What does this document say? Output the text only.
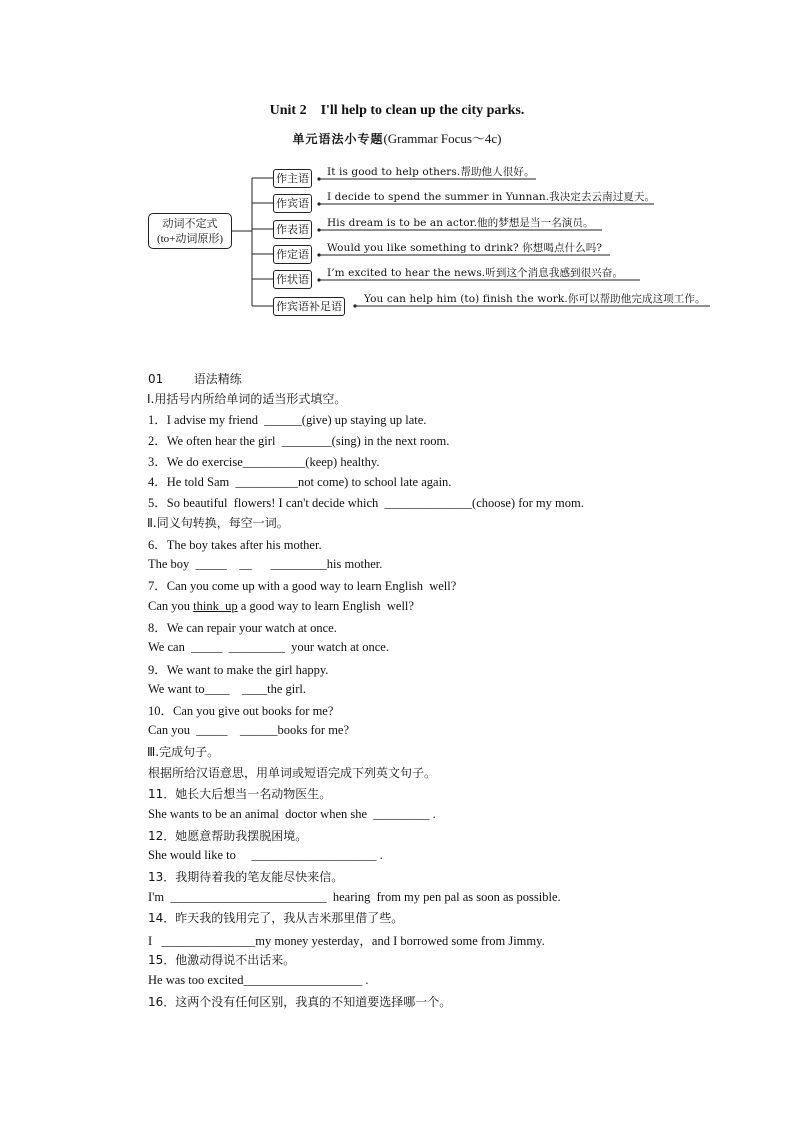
Unit 2　I'll help to clean up the city parks.
单元语法小专题(Grammar Focus～4c)
动词不定式
(to+动词原形)
作主语
作宾语
作表语
作定语
作状语
作宾语补足语
It is good to help others.帮助他人很好。
I decide to spend the summer in Yunnan.我决定去云南过夏天。
His dream is to be an actor.他的梦想是当一名演员。
Would you like something to drink? 你想喝点什么吗?
I’m excited to hear the news.听到这个消息我感到很兴奋。
You can help him (to) finish the work.你可以帮助他完成这项工作。
01	语法精练
Ⅰ.用括号内所给单词的适当形式填空。
1．I advise my friend  ______(give) up staying up late.
2．We often hear the girl  ________(sing) in the next room.
3．We do exercise__________(keep) healthy.
4．He told Sam  __________not come) to school late again.
5．So beautiful  flowers! I can't decide which  ______________(choose) for my mom.
Ⅱ.同义句转换，每空一词。
6．The boy takes after his mother.
The boy  _____    __      _________his mother.
7．Can you come up with a good way to learn English  well?
Can you think up a good way to learn English  well?
8．We can repair your watch at once.
We can  _____  _________  your watch at once.
9．We want to make the girl happy.
We want to____    ____the girl.
10．Can you give out books for me?
Can you  _____    ______books for me?
Ⅲ.完成句子。
根据所给汉语意思，用单词或短语完成下列英文句子。
11．她长大后想当一名动物医生。
She wants to be an animal  doctor when she  _________ .
12．她愿意帮助我摆脱困境。
She would like to     ____________________ .
13．我期待着我的笔友能尽快来信。
I'm  _________________________  hearing  from my pen pal as soon as possible.
14．昨天我的钱用完了，我从吉米那里借了些。
I   _______________my money yesterday，and I borrowed some from Jimmy.
15．他激动得说不出话来。
He was too excited___________________ .
16．这两个没有任何区别，我真的不知道要选择哪一个。
